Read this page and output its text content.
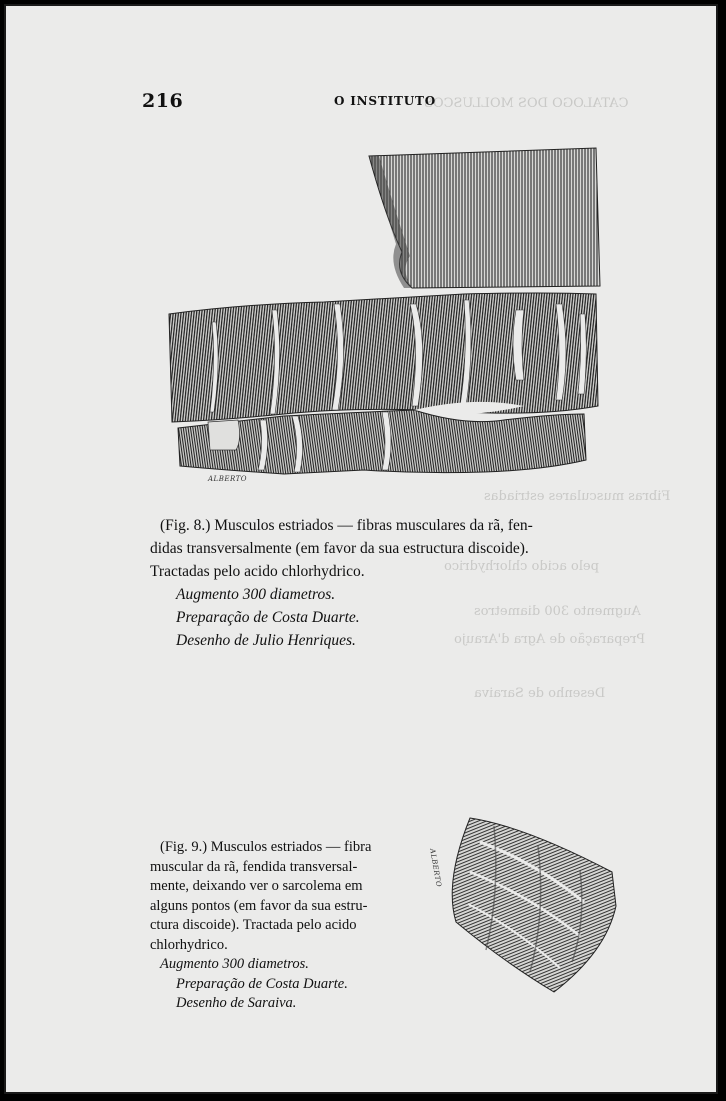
CATALOGO DOS MOLLUSCOS
Fibras musculares estriadas
pelo acido chlorhydrico
Augmento 300 diametros
Preparação de Agra d'Araujo
Desenho de Saraiva
216	O INSTITUTO
ALBERTO
(Fig. 8.) Musculos estriados — fibras musculares da rã, fen-
didas transversalmente (em favor da sua estructura discoide).
Tractadas pelo acido chlorhydrico.
Augmento 300 diametros.
Preparação de Costa Duarte.
Desenho de Julio Henriques.
ALBERTO
(Fig. 9.) Musculos estriados — fibra
muscular da rã, fendida transversal-
mente, deixando ver o sarcolema em
alguns pontos (em favor da sua estru-
ctura discoide). Tractada pelo acido
chlorhydrico.
Augmento 300 diametros.
Preparação de Costa Duarte.
Desenho de Saraiva.
